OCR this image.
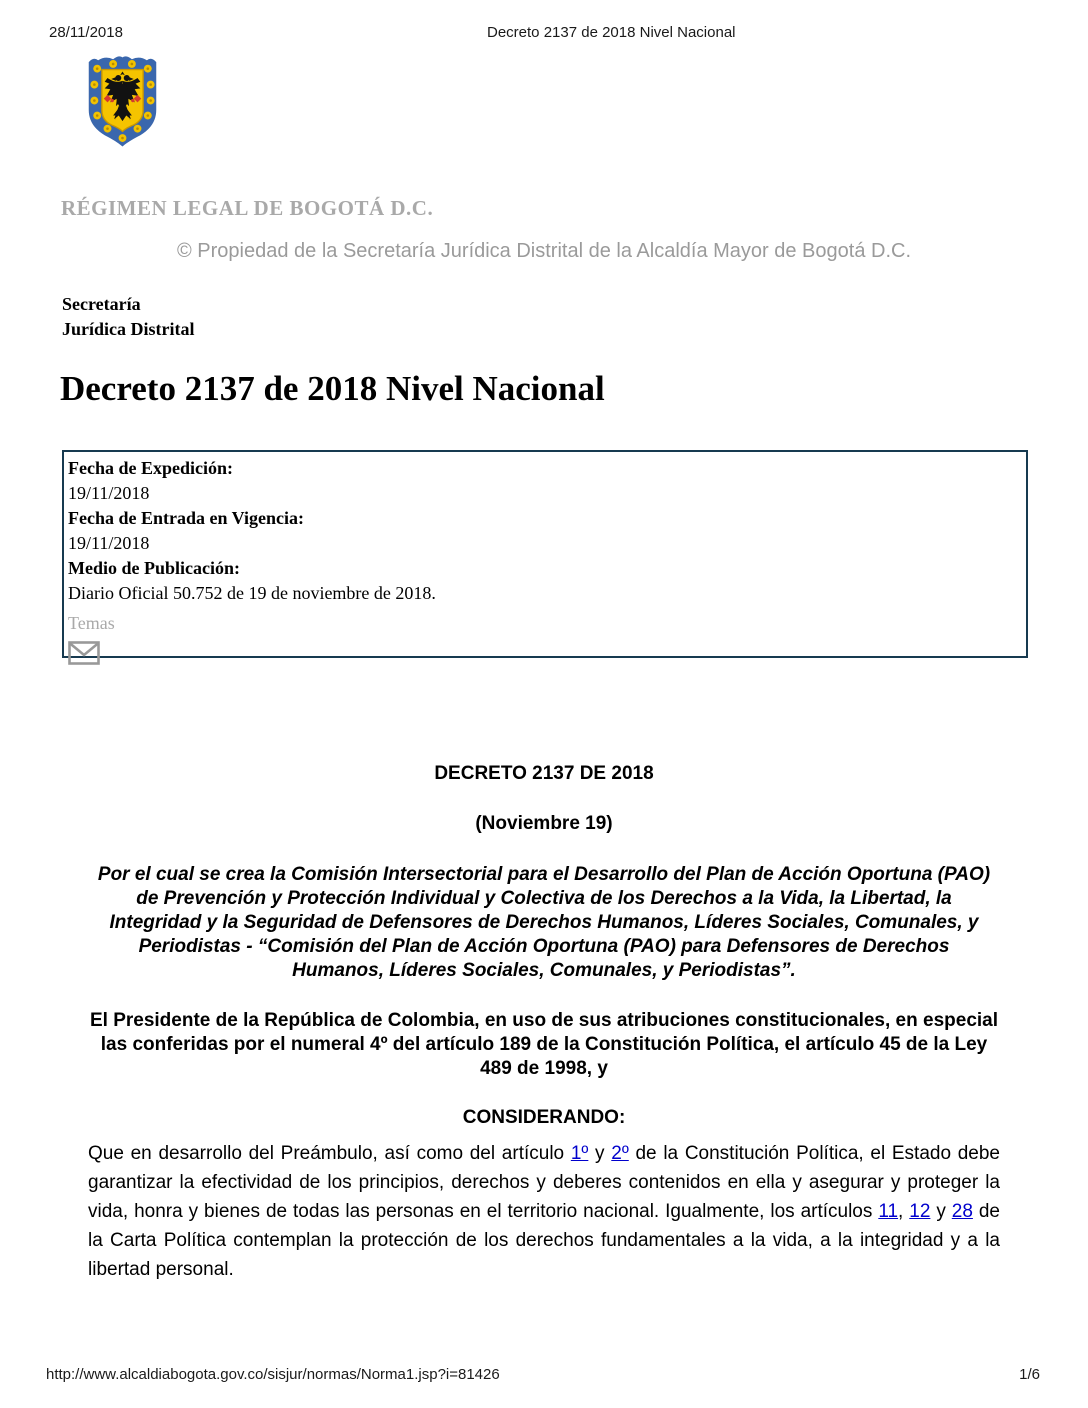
28/11/2018	Decreto 2137 de 2018 Nivel Nacional
RÉGIMEN LEGAL DE BOGOTÁ D.C.
© Propiedad de la Secretaría Jurídica Distrital de la Alcaldía Mayor de Bogotá D.C.
Secretaría
Jurídica Distrital
Decreto 2137 de 2018 Nivel Nacional
Fecha de Expedición:
19/11/2018
Fecha de Entrada en Vigencia:
19/11/2018
Medio de Publicación:
Diario Oficial 50.752 de 19 de noviembre de 2018.
Temas
DECRETO 2137 DE 2018
(Noviembre 19)

Por el cual se crea la Comisión Intersectorial para el Desarrollo del Plan de Acción Oportuna (PAO) de Prevención y Protección Individual y Colectiva de los Derechos a la Vida, la Libertad, la Integridad y la Seguridad de Defensores de Derechos Humanos, Líderes Sociales, Comunales, y Periodistas - “Comisión del Plan de Acción Oportuna (PAO) para Defensores de Derechos Humanos, Líderes Sociales, Comunales, y Periodistas”.

El Presidente de la República de Colombia, en uso de sus atribuciones constitucionales, en especial las conferidas por el numeral 4º del artículo 189 de la Constitución Política, el artículo 45 de la Ley 489 de 1998, y

CONSIDERANDO:

Que en desarrollo del Preámbulo, así como del artículo 1º y 2º de la Constitución Política, el Estado debe garantizar la efectividad de los principios, derechos y deberes contenidos en ella y asegurar y proteger la vida, honra y bienes de todas las personas en el territorio nacional. Igualmente, los artículos 11, 12 y 28 de la Carta Política contemplan la protección de los derechos fundamentales a la vida, a la integridad y a la libertad personal.

http://www.alcaldiabogota.gov.co/sisjur/normas/Norma1.jsp?i=81426	1/6
